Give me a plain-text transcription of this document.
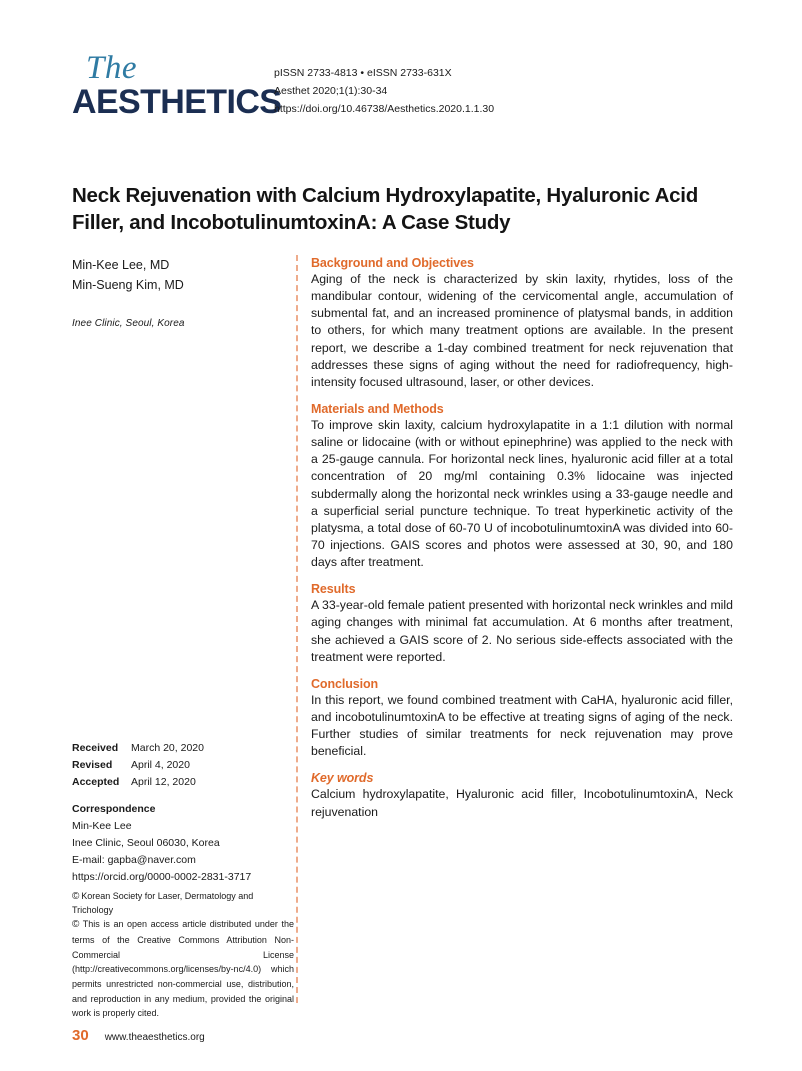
The
AESTHETICS
pISSN 2733-4813 • eISSN 2733-631X
Aesthet 2020;1(1):30-34
https://doi.org/10.46738/Aesthetics.2020.1.1.30
Neck Rejuvenation with Calcium Hydroxylapatite, Hyaluronic Acid Filler, and IncobotulinumtoxinA: A Case Study
Min-Kee Lee, MD
Min-Sueng Kim, MD
Inee Clinic, Seoul, Korea
Received March 20, 2020
Revised April 4, 2020
Accepted April 12, 2020
Correspondence
Min-Kee Lee
Inee Clinic, Seoul 06030, Korea
E-mail: gapba@naver.com
https://orcid.org/0000-0002-2831-3717
©  Korean Society for Laser, Dermatology and Trichology
© This is an open access article distributed under the terms of the Creative Commons Attribution Non-Commercial License (http://creativecommons.org/licenses/by-nc/4.0) which permits unrestricted non-commercial use, distribution, and reproduction in any medium, provided the original work is properly cited.
Background and Objectives

Aging of the neck is characterized by skin laxity, rhytides, loss of the mandibular contour, widening of the cervicomental angle, accumulation of submental fat, and an increased prominence of platysmal bands, in addition to others, for which many treatment options are available. In the present report, we describe a 1-day combined treatment for neck rejuvenation that addresses these signs of aging without the need for radiofrequency, high-intensity focused ultrasound, laser, or other devices.

Materials and Methods

To improve skin laxity, calcium hydroxylapatite in a 1:1 dilution with normal saline or lidocaine (with or without epinephrine) was applied to the neck with a 25-gauge cannula. For horizontal neck lines, hyaluronic acid filler at a total concentration of 20 mg/ml containing 0.3% lidocaine was injected subdermally along the horizontal neck wrinkles using a 33-gauge needle and a superficial serial puncture technique. To treat hyperkinetic activity of the platysma, a total dose of 60-70 U of incobotulinumtoxinA was divided into 60-70 injections. GAIS scores and photos were assessed at 30, 90, and 180 days after treatment.

Results

A 33-year-old female patient presented with horizontal neck wrinkles and mild aging changes with minimal fat accumulation. At 6 months after treatment, she achieved a GAIS score of 2. No serious side-effects associated with the treatment were reported.

Conclusion

In this report, we found combined treatment with CaHA, hyaluronic acid filler, and incobotulinumtoxinA to be effective at treating signs of aging of the neck. Further studies of similar treatments for neck rejuvenation may prove beneficial.

Key words

Calcium hydroxylapatite, Hyaluronic acid filler, IncobotulinumtoxinA, Neck rejuvenation

30 www.theaesthetics.org
